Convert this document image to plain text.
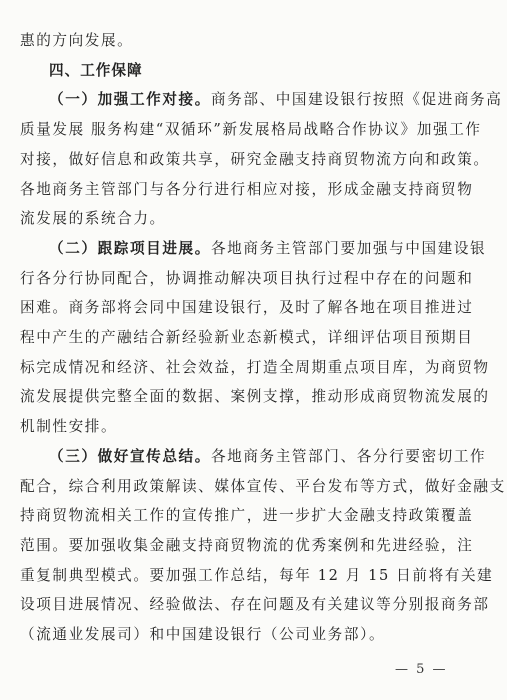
惠的方向发展。
四、工作保障
（一）加强工作对接。商务部、中国建设银行按照《促进商务高
质量发展 服务构建“双循环”新发展格局战略合作协议》加强工作
对接，做好信息和政策共享，研究金融支持商贸物流方向和政策。
各地商务主管部门与各分行进行相应对接，形成金融支持商贸物
流发展的系统合力。
（二）跟踪项目进展。各地商务主管部门要加强与中国建设银
行各分行协同配合，协调推动解决项目执行过程中存在的问题和
困难。商务部将会同中国建设银行，及时了解各地在项目推进过
程中产生的产融结合新经验新业态新模式，详细评估项目预期目
标完成情况和经济、社会效益，打造全周期重点项目库，为商贸物
流发展提供完整全面的数据、案例支撑，推动形成商贸物流发展的
机制性安排。
（三）做好宣传总结。各地商务主管部门、各分行要密切工作
配合，综合利用政策解读、媒体宣传、平台发布等方式，做好金融支
持商贸物流相关工作的宣传推广，进一步扩大金融支持政策覆盖
范围。要加强收集金融支持商贸物流的优秀案例和先进经验，注
重复制典型模式。要加强工作总结，每年 12 月 15 日前将有关建
设项目进展情况、经验做法、存在问题及有关建议等分别报商务部
（流通业发展司）和中国建设银行（公司业务部）。
— 5 —
